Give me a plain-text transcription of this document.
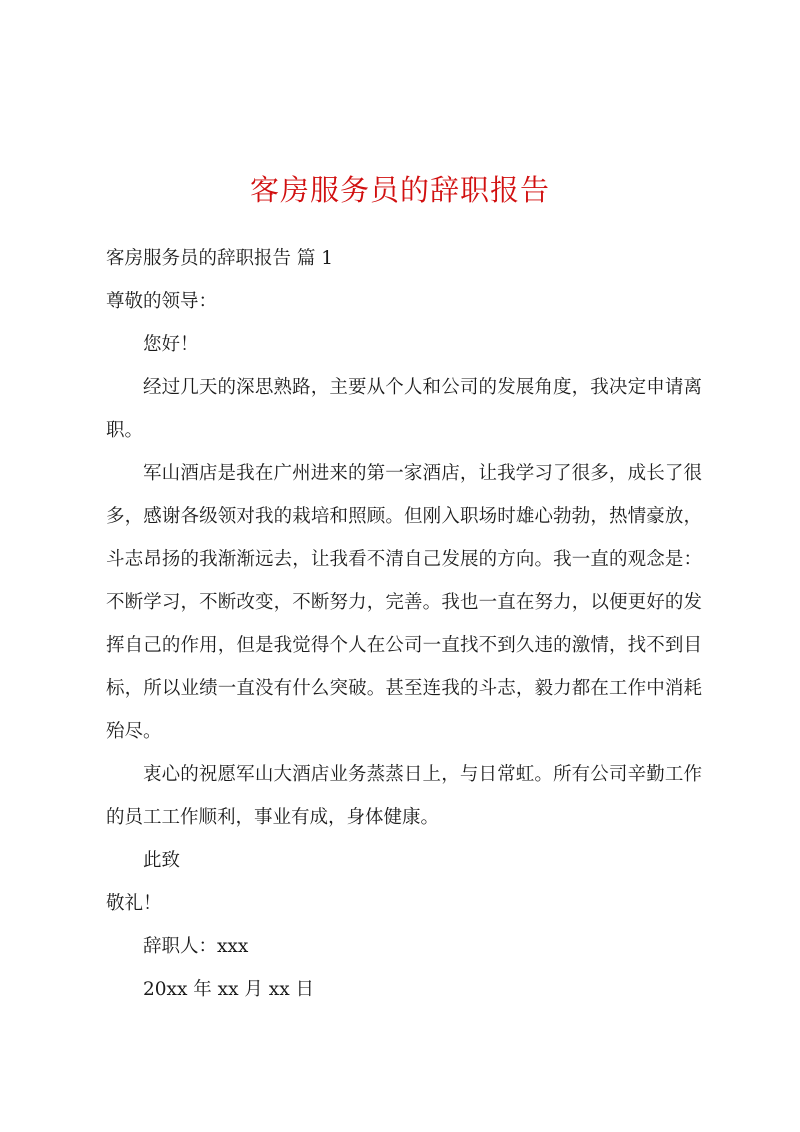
客房服务员的辞职报告

客房服务员的辞职报告 篇 1

尊敬的领导：

您好！

经过几天的深思熟路，主要从个人和公司的发展角度，我决定申请离职。

军山酒店是我在广州进来的第一家酒店，让我学习了很多，成长了很多，感谢各级领对我的栽培和照顾。但刚入职场时雄心勃勃，热情豪放，斗志昂扬的我渐渐远去，让我看不清自己发展的方向。我一直的观念是：不断学习，不断改变，不断努力，完善。我也一直在努力，以便更好的发挥自己的作用，但是我觉得个人在公司一直找不到久违的激情，找不到目标，所以业绩一直没有什么突破。甚至连我的斗志，毅力都在工作中消耗殆尽。

衷心的祝愿军山大酒店业务蒸蒸日上，与日常虹。所有公司辛勤工作的员工工作顺利，事业有成，身体健康。

此致

敬礼！

辞职人：xxx

20xx 年 xx 月 xx 日
